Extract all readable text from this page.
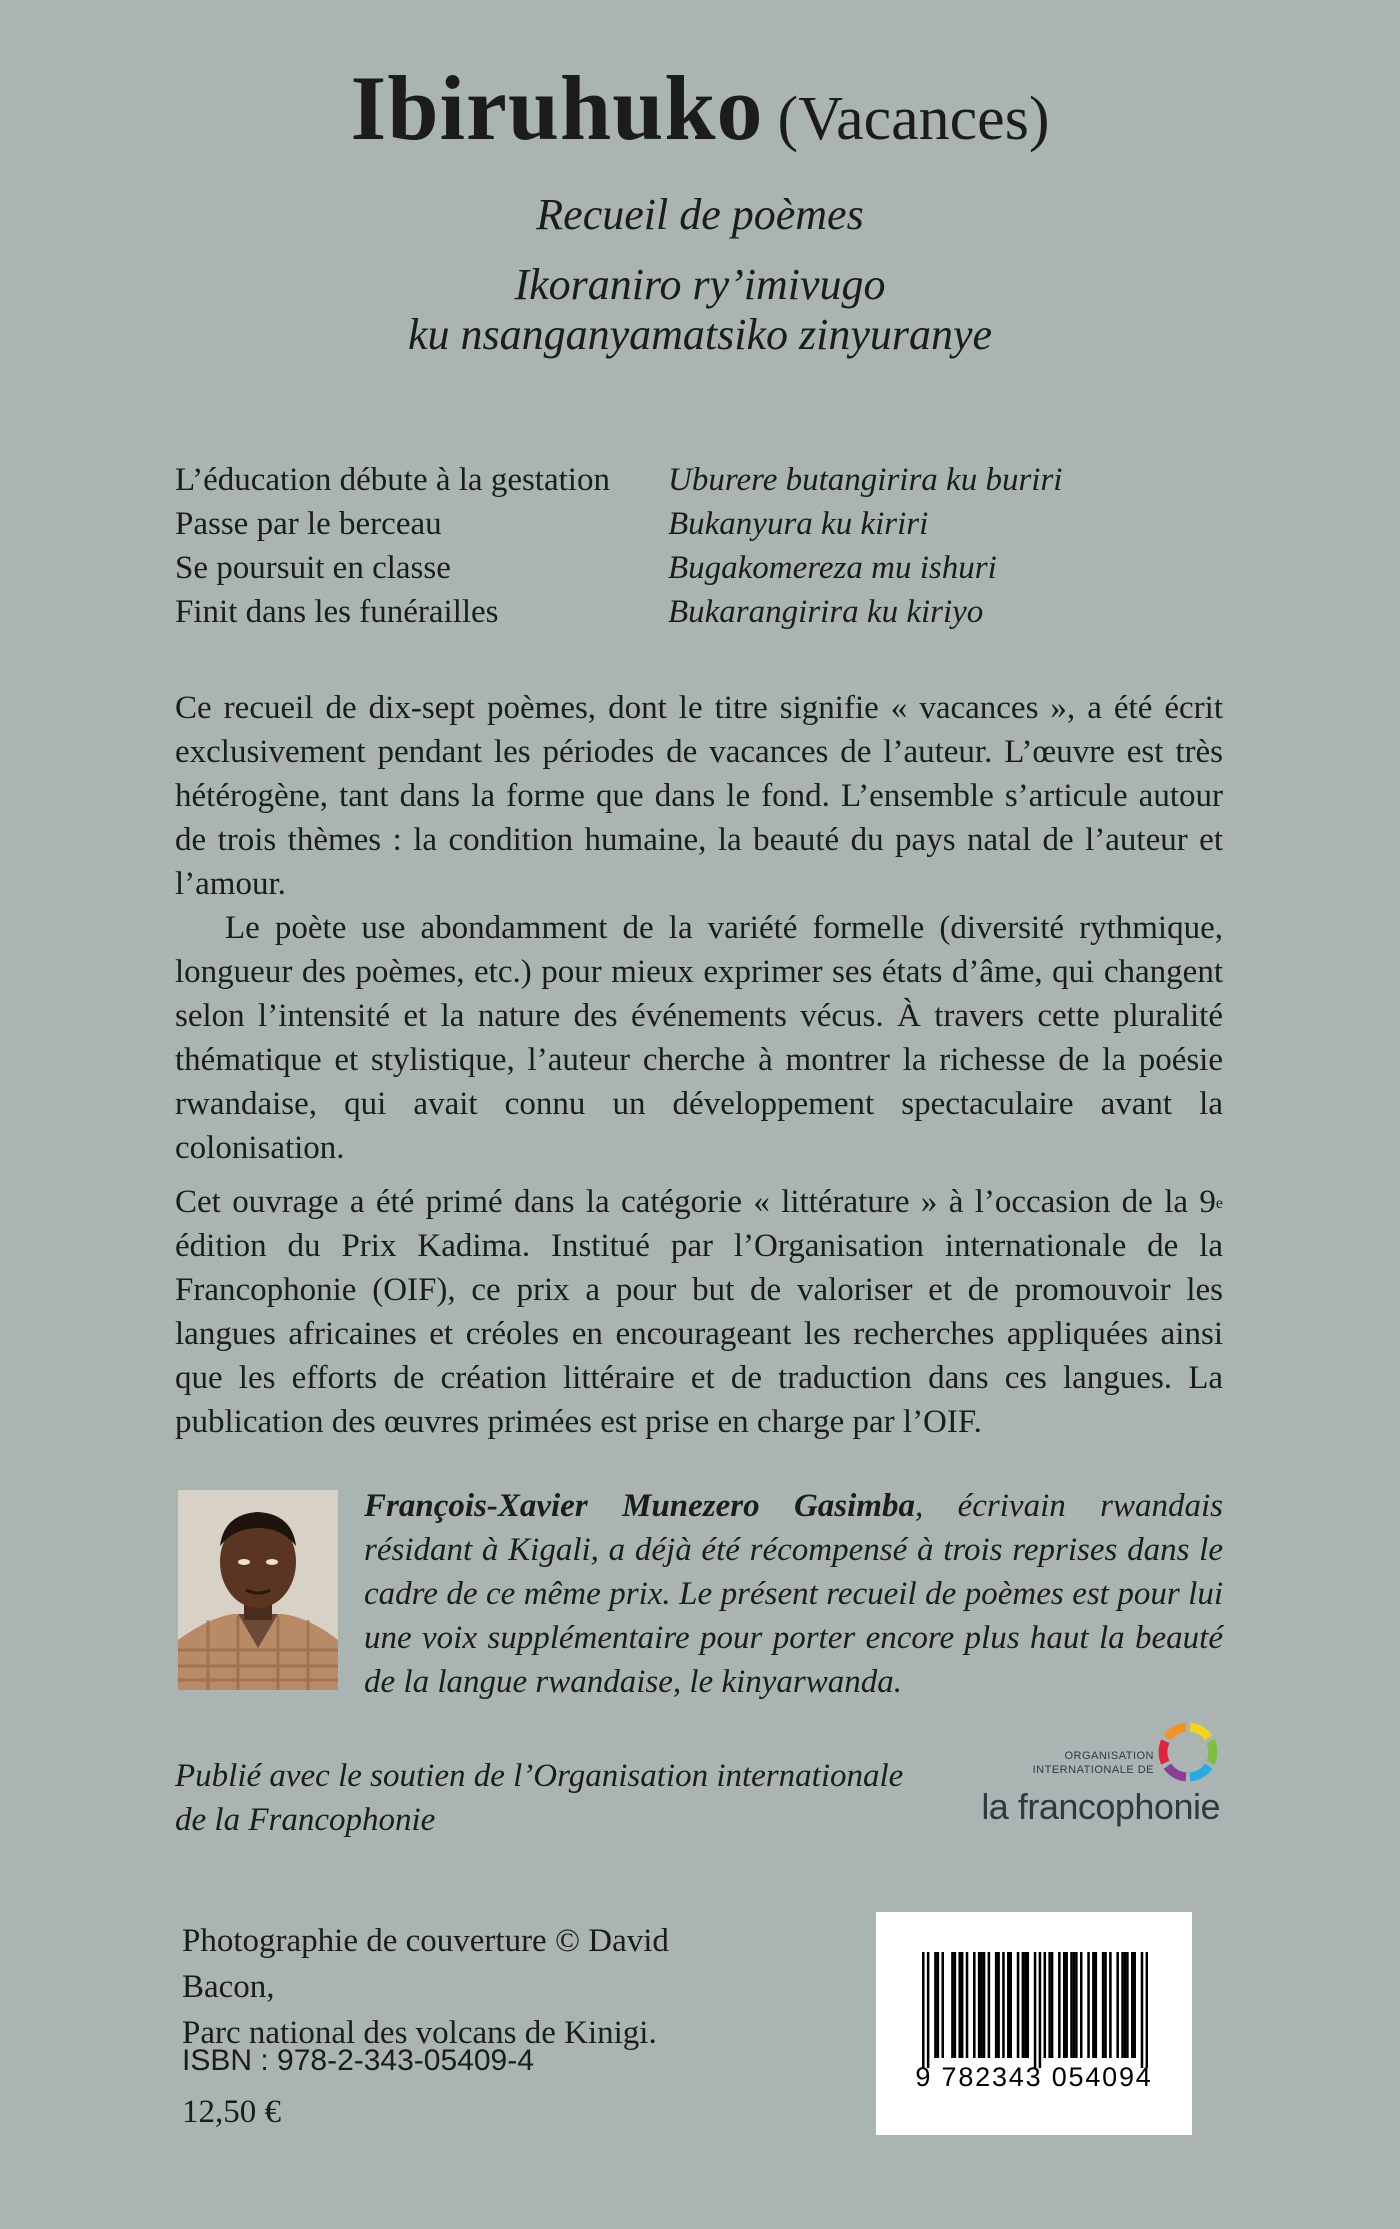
Ibiruhuko (Vacances)

Recueil de poèmes

Ikoraniro ry’imivugo

ku nsanganyamatsiko zinyuranye

L’éducation débute à la gestation	Uburere butangirira ku buriri
Passe par le berceau	Bukanyura ku kiriri
Se poursuit en classe	Bugakomereza mu ishuri
Finit dans les funérailles	Bukarangirira ku kiriyo

Ce recueil de dix-sept poèmes, dont le titre signifie « vacances », a été écrit exclusivement pendant les périodes de vacances de l’auteur. L’œuvre est très hétérogène, tant dans la forme que dans le fond. L’ensemble s’articule autour de trois thèmes : la condition humaine, la beauté du pays natal de l’auteur et l’amour.

Le poète use abondamment de la variété formelle (diversité rythmique, longueur des poèmes, etc.) pour mieux exprimer ses états d’âme, qui changent selon l’intensité et la nature des événements vécus. À travers cette pluralité thématique et stylistique, l’auteur cherche à montrer la richesse de la poésie rwandaise, qui avait connu un développement spectaculaire avant la colonisation.

Cet ouvrage a été primé dans la catégorie « littérature » à l’occasion de la 9e édition du Prix Kadima. Institué par l’Organisation internationale de la Francophonie (OIF), ce prix a pour but de valoriser et de promouvoir les langues africaines et créoles en encourageant les recherches appliquées ainsi que les efforts de création littéraire et de traduction dans ces langues. La publication des œuvres primées est prise en charge par l’OIF.

François-Xavier Munezero Gasimba, écrivain rwandais résidant à Kigali, a déjà été récompensé à trois reprises dans le cadre de ce même prix. Le présent recueil de poèmes est pour lui une voix supplémentaire pour porter encore plus haut la beauté de la langue rwandaise, le kinyarwanda.
Publié avec le soutien de l’Organisation internationale
de la Francophonie
ORGANISATION
INTERNATIONALE DE
la francophonie
Photographie de couverture © David Bacon,
Parc national des volcans de Kinigi.
ISBN : 978-2-343-05409-4
12,50 €
9 782343 054094
